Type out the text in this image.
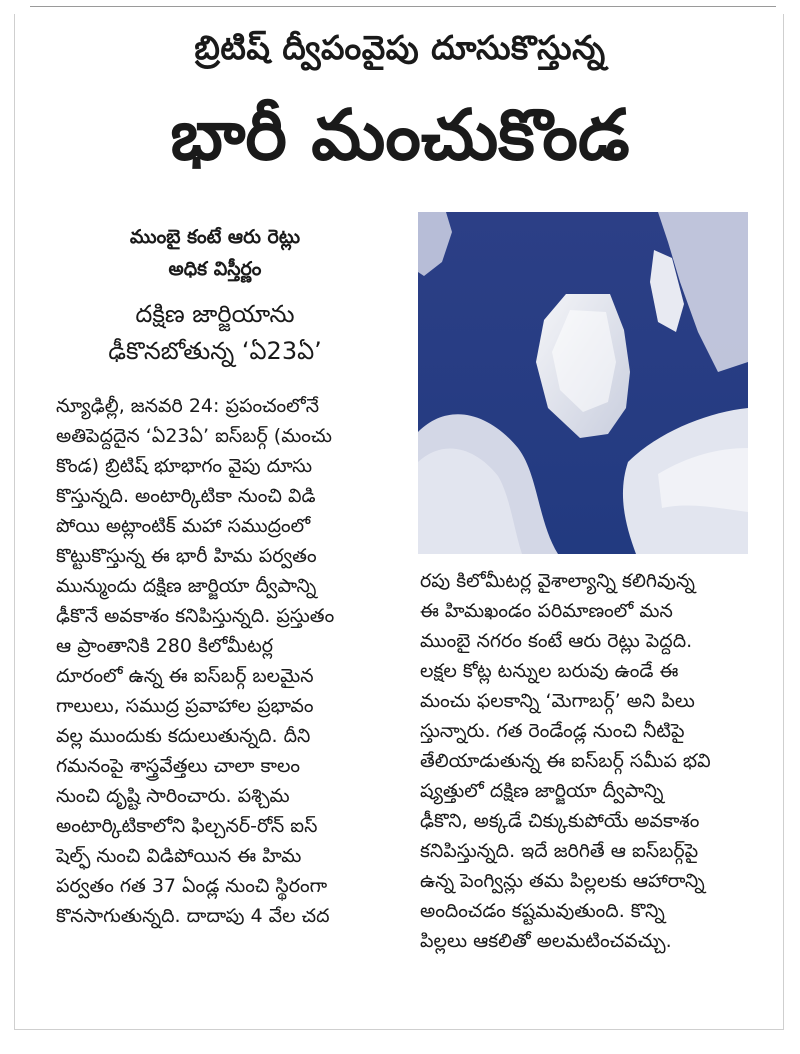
బ్రిటిష్ ద్వీపంవైపు దూసుకొస్తున్న
భారీ మంచుకొండ
ముంబై కంటే ఆరు రెట్లు
అధిక విస్తీర్ణం
దక్షిణ జార్జియాను
ఢీకొనబోతున్న ‘ఏ23ఏ’
న్యూఢిల్లీ, జనవరి 24: ప్రపంచంలోనే
అతిపెద్దదైన ‘ఏ23ఏ’ ఐస్‌బర్గ్ (మంచు
కొండ) బ్రిటిష్ భూభాగం వైపు దూసు
కొస్తున్నది. అంటార్కిటికా నుంచి విడి
పోయి అట్లాంటిక్ మహా సముద్రంలో
కొట్టుకొస్తున్న ఈ భారీ హిమ పర్వతం
మున్ముందు దక్షిణ జార్జియా ద్వీపాన్ని
ఢీకొనే అవకాశం కనిపిస్తున్నది. ప్రస్తుతం
ఆ ప్రాంతానికి 280 కిలోమీటర్ల
దూరంలో ఉన్న ఈ ఐస్‌బర్గ్ బలమైన
గాలులు, సముద్ర ప్రవాహాల ప్రభావం
వల్ల ముందుకు కదులుతున్నది. దీని
గమనంపై శాస్త్రవేత్తలు చాలా కాలం
నుంచి దృష్టి సారించారు. పశ్చిమ
అంటార్కిటికాలోని ఫిల్చనర్-రోన్ ఐస్
షెల్ఫ్ నుంచి విడిపోయిన ఈ హిమ
పర్వతం గత 37 ఏండ్ల నుంచి స్థిరంగా
కొనసాగుతున్నది. దాదాపు 4 వేల చద
రపు కిలోమీటర్ల వైశాల్యాన్ని కలిగివున్న
ఈ హిమఖండం పరిమాణంలో మన
ముంబై నగరం కంటే ఆరు రెట్లు పెద్దది.
లక్షల కోట్ల టన్నుల బరువు ఉండే ఈ
మంచు ఫలకాన్ని ‘మెగాబర్గ్’ అని పిలు
స్తున్నారు. గత రెండేండ్ల నుంచి నీటిపై
తేలియాడుతున్న ఈ ఐస్‌బర్గ్ సమీప భవి
ష్యత్తులో దక్షిణ జార్జియా ద్వీపాన్ని
ఢీకొని, అక్కడే చిక్కుకుపోయే అవకాశం
కనిపిస్తున్నది. ఇదే జరిగితే ఆ ఐస్‌బర్గ్‌పై
ఉన్న పెంగ్విన్లు తమ పిల్లలకు ఆహారాన్ని
అందించడం కష్టమవుతుంది. కొన్ని
పిల్లలు ఆకలితో అలమటించవచ్చు.
